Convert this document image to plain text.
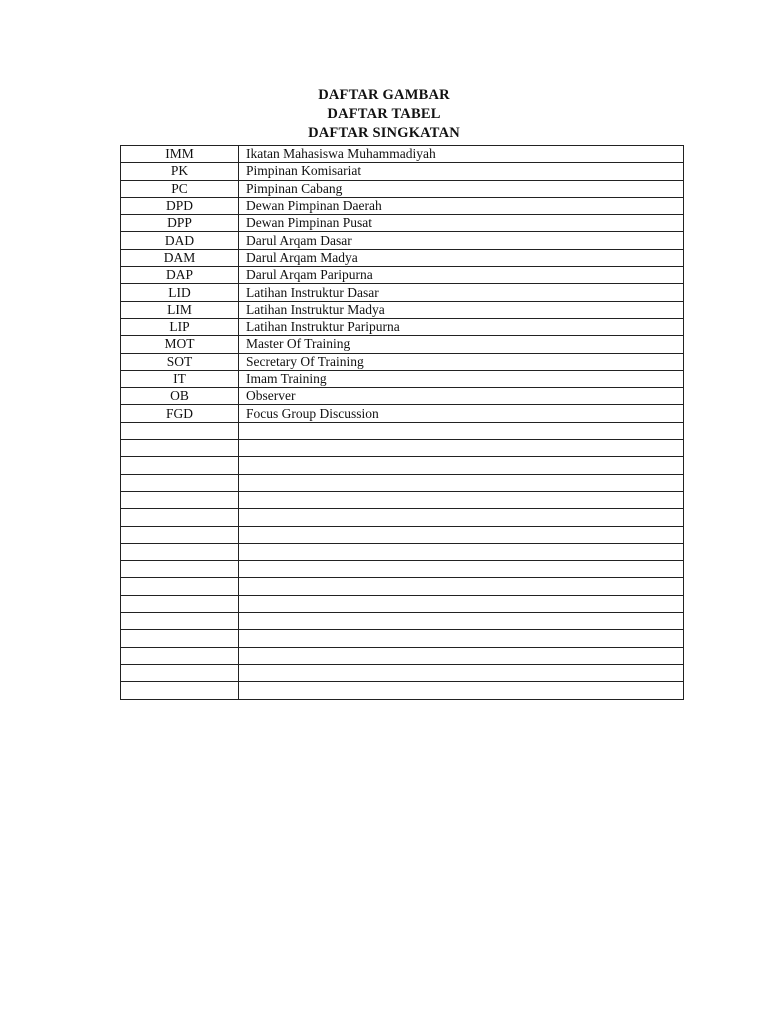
DAFTAR GAMBAR
DAFTAR TABEL
DAFTAR SINGKATAN
IMM	Ikatan Mahasiswa Muhammadiyah
PK	Pimpinan Komisariat
PC	Pimpinan Cabang
DPD	Dewan Pimpinan Daerah
DPP	Dewan Pimpinan Pusat
DAD	Darul Arqam Dasar
DAM	Darul Arqam Madya
DAP	Darul Arqam Paripurna
LID	Latihan Instruktur Dasar
LIM	Latihan Instruktur Madya
LIP	Latihan Instruktur Paripurna
MOT	Master Of Training
SOT	Secretary Of Training
IT	Imam Training
OB	Observer
FGD	Focus Group Discussion
